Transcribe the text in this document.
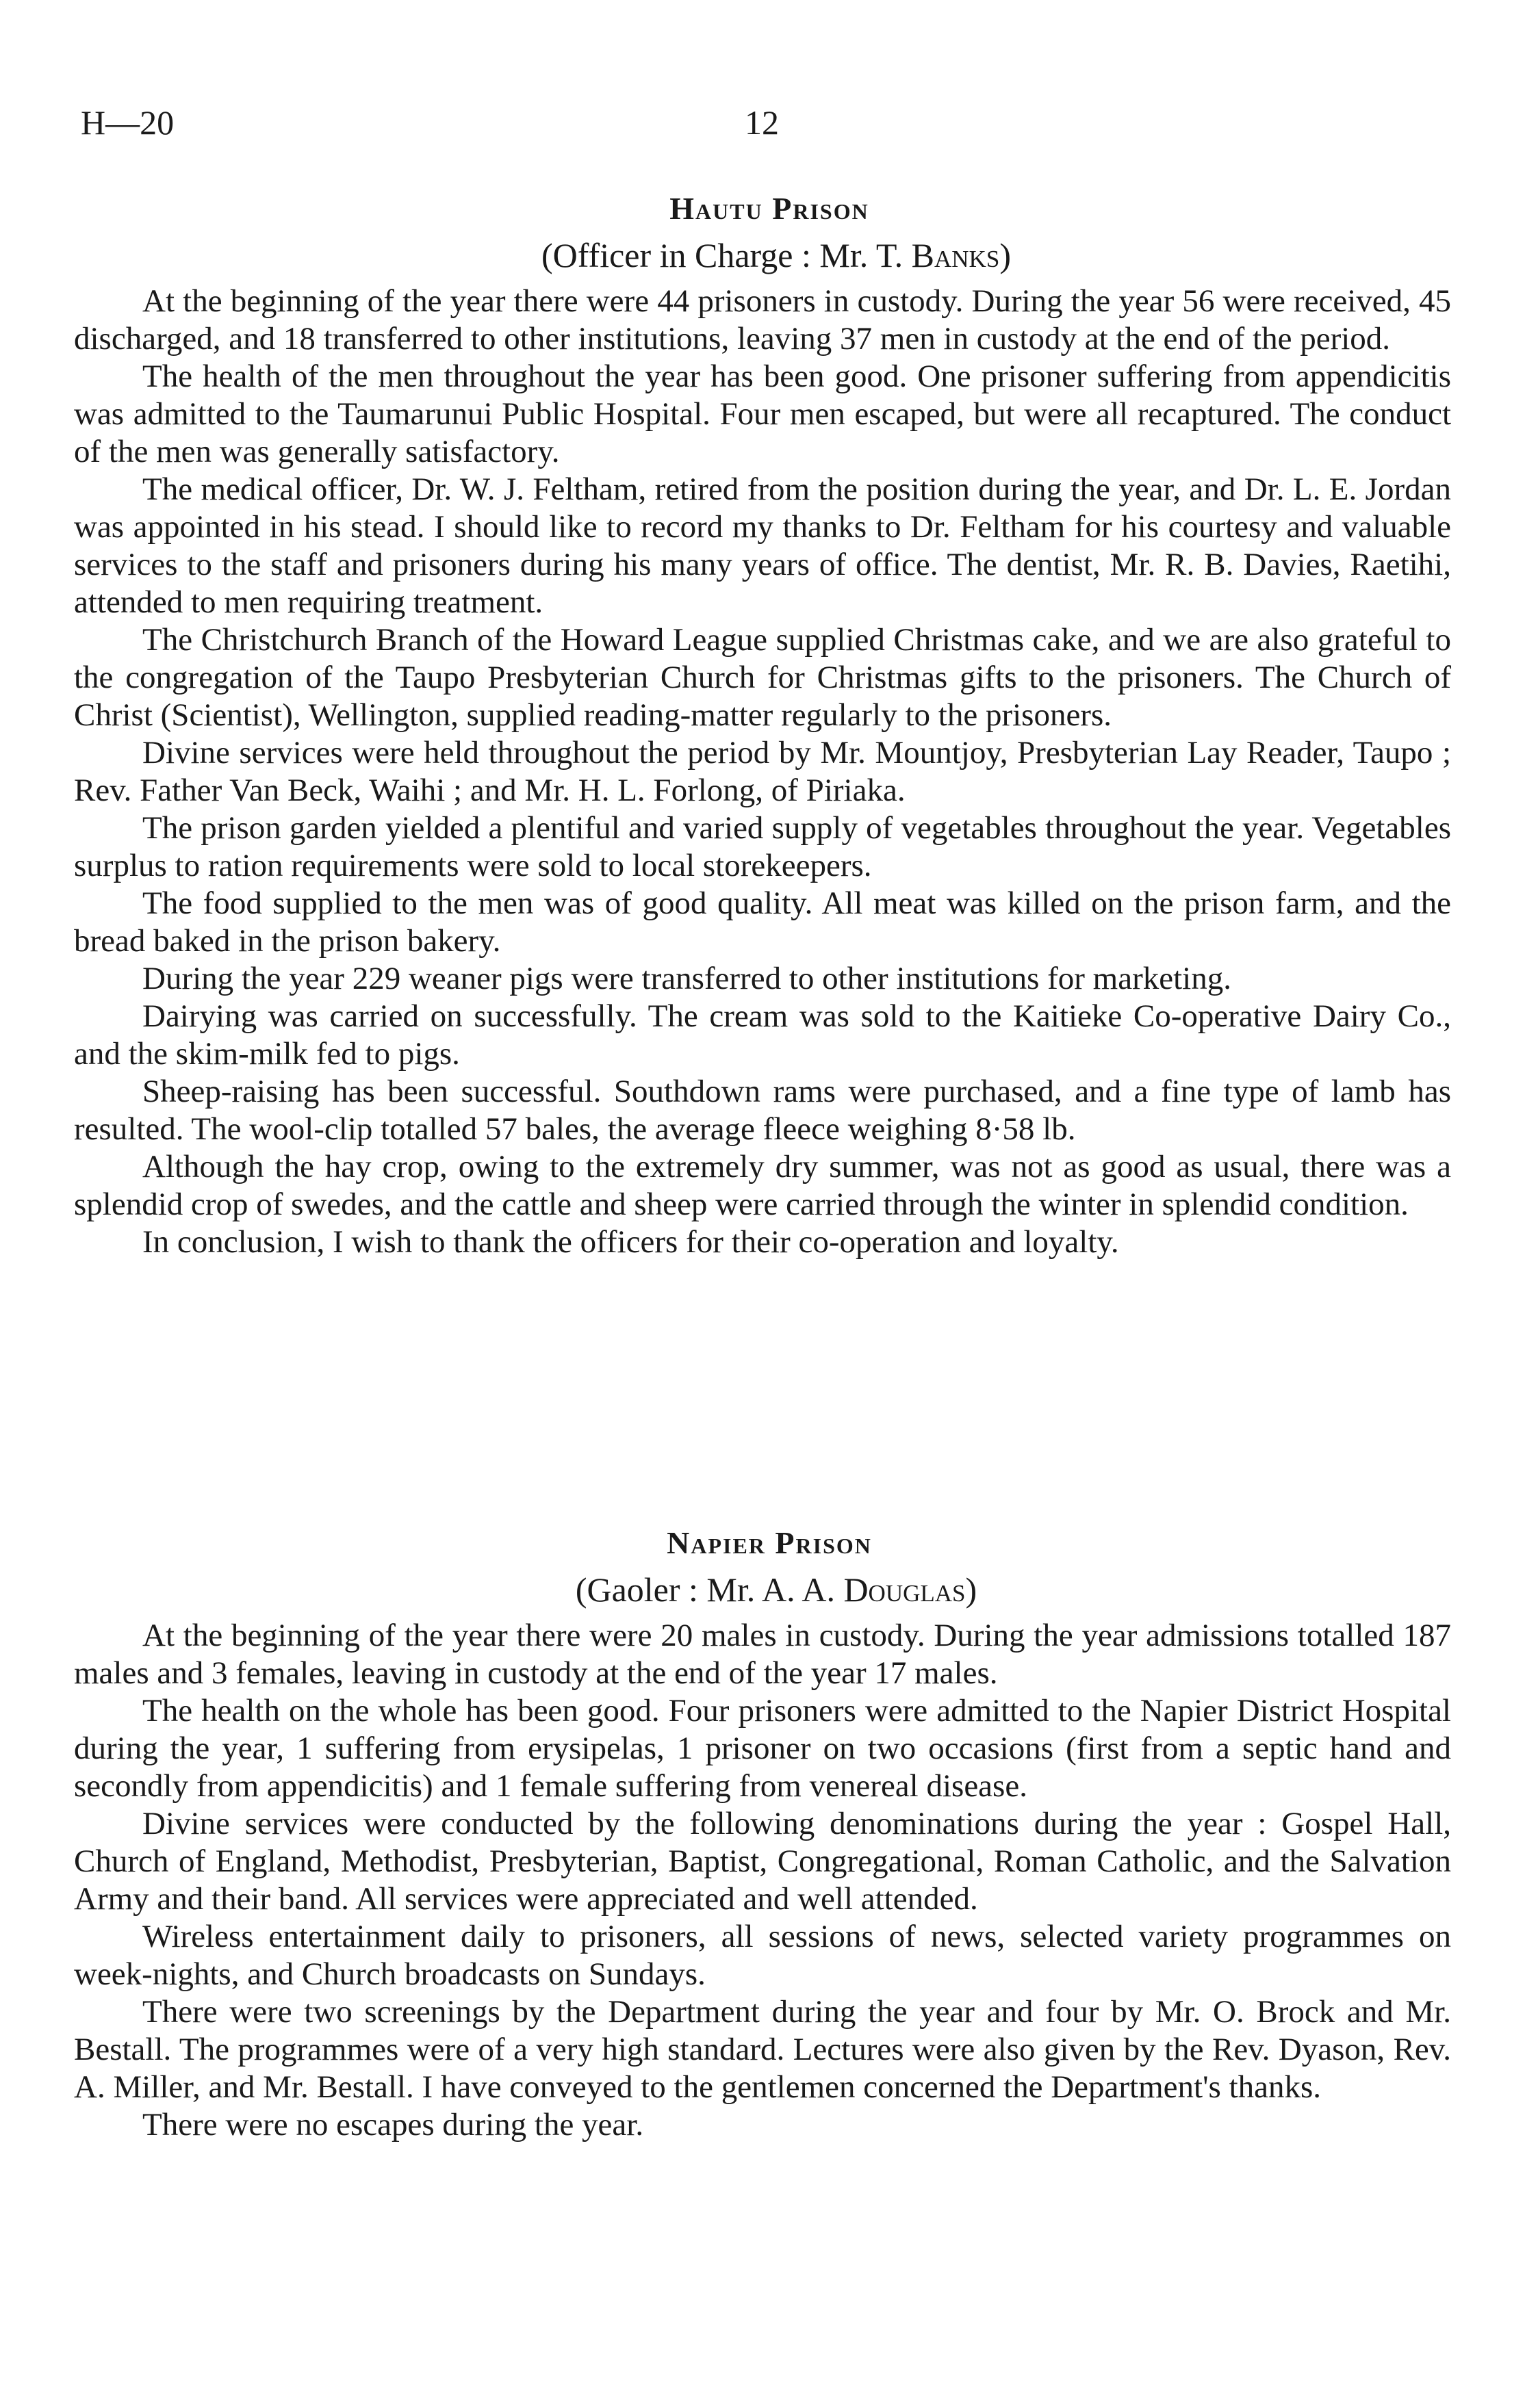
H—20	12
Hautu Prison
(Officer in Charge : Mr. T. Banks)

At the beginning of the year there were 44 prisoners in custody. During the year 56 were received, 45 discharged, and 18 transferred to other institutions, leaving 37 men in custody at the end of the period.

The health of the men throughout the year has been good. One prisoner suffering from appendicitis was admitted to the Taumarunui Public Hospital. Four men escaped, but were all recaptured. The conduct of the men was generally satisfactory.

The medical officer, Dr. W. J. Feltham, retired from the position during the year, and Dr. L. E. Jordan was appointed in his stead. I should like to record my thanks to Dr. Feltham for his courtesy and valuable services to the staff and prisoners during his many years of office. The dentist, Mr. R. B. Davies, Raetihi, attended to men requiring treatment.

The Christchurch Branch of the Howard League supplied Christmas cake, and we are also grateful to the congregation of the Taupo Presbyterian Church for Christmas gifts to the prisoners. The Church of Christ (Scientist), Wellington, supplied reading-matter regularly to the prisoners.

Divine services were held throughout the period by Mr. Mountjoy, Presbyterian Lay Reader, Taupo ; Rev. Father Van Beck, Waihi ; and Mr. H. L. Forlong, of Piriaka.

The prison garden yielded a plentiful and varied supply of vegetables throughout the year. Vegetables surplus to ration requirements were sold to local storekeepers.

The food supplied to the men was of good quality. All meat was killed on the prison farm, and the bread baked in the prison bakery.

During the year 229 weaner pigs were transferred to other institutions for marketing.

Dairying was carried on successfully. The cream was sold to the Kaitieke Co-operative Dairy Co., and the skim-milk fed to pigs.

Sheep-raising has been successful. Southdown rams were purchased, and a fine type of lamb has resulted. The wool-clip totalled 57 bales, the average fleece weighing 8·58 lb.

Although the hay crop, owing to the extremely dry summer, was not as good as usual, there was a splendid crop of swedes, and the cattle and sheep were carried through the winter in splendid condition.

In conclusion, I wish to thank the officers for their co-operation and loyalty.

Napier Prison
(Gaoler : Mr. A. A. Douglas)

At the beginning of the year there were 20 males in custody. During the year admissions totalled 187 males and 3 females, leaving in custody at the end of the year 17 males.

The health on the whole has been good. Four prisoners were admitted to the Napier District Hospital during the year, 1 suffering from erysipelas, 1 prisoner on two occasions (first from a septic hand and secondly from appendicitis) and 1 female suffering from venereal disease.

Divine services were conducted by the following denominations during the year : Gospel Hall, Church of England, Methodist, Presbyterian, Baptist, Congregational, Roman Catholic, and the Salvation Army and their band. All services were appreciated and well attended.

Wireless entertainment daily to prisoners, all sessions of news, selected variety programmes on week-nights, and Church broadcasts on Sundays.

There were two screenings by the Department during the year and four by Mr. O. Brock and Mr. Bestall. The programmes were of a very high standard. Lectures were also given by the Rev. Dyason, Rev. A. Miller, and Mr. Bestall. I have conveyed to the gentlemen concerned the Department's thanks.

There were no escapes during the year.
